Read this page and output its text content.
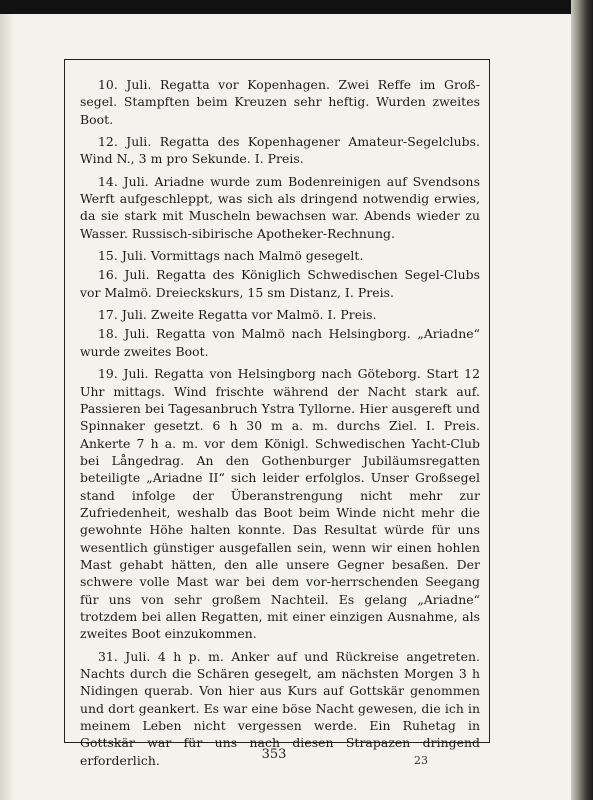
10. Juli. Regatta vor Kopenhagen. Zwei Reffe im Groß-segel. Stampften beim Kreuzen sehr heftig. Wurden zweites Boot.

12. Juli. Regatta des Kopenhagener Amateur-Segelclubs. Wind N., 3 m pro Sekunde. I. Preis.

14. Juli. Ariadne wurde zum Bodenreinigen auf Svendsons Werft aufgeschleppt, was sich als dringend notwendig erwies, da sie stark mit Muscheln bewachsen war. Abends wieder zu Wasser. Russisch-sibirische Apotheker-Rechnung.

15. Juli. Vormittags nach Malmö gesegelt.

16. Juli. Regatta des Königlich Schwedischen Segel-Clubs vor Malmö. Dreieckskurs, 15 sm Distanz, I. Preis.

17. Juli. Zweite Regatta vor Malmö. I. Preis.

18. Juli. Regatta von Malmö nach Helsingborg. „Ariadne“ wurde zweites Boot.

19. Juli. Regatta von Helsingborg nach Göteborg. Start 12 Uhr mittags. Wind frischte während der Nacht stark auf. Passieren bei Tagesanbruch Ystra Tyllorne. Hier ausgereft und Spinnaker gesetzt. 6 h 30 m a. m. durchs Ziel. I. Preis. Ankerte 7 h a. m. vor dem Königl. Schwedischen Yacht-Club bei Långedrag. An den Gothenburger Jubiläumsregatten beteiligte „Ariadne II“ sich leider erfolglos. Unser Großsegel stand infolge der Überanstrengung nicht mehr zur Zufriedenheit, weshalb das Boot beim Winde nicht mehr die gewohnte Höhe halten konnte. Das Resultat würde für uns wesentlich günstiger ausgefallen sein, wenn wir einen hohlen Mast gehabt hätten, den alle unsere Gegner besaßen. Der schwere volle Mast war bei dem vor-herrschenden Seegang für uns von sehr großem Nachteil. Es gelang „Ariadne“ trotzdem bei allen Regatten, mit einer einzigen Ausnahme, als zweites Boot einzukommen.

31. Juli. 4 h p. m. Anker auf und Rückreise angetreten. Nachts durch die Schären gesegelt, am nächsten Morgen 3 h Nidingen querab. Von hier aus Kurs auf Gottskär genommen und dort geankert. Es war eine böse Nacht gewesen, die ich in meinem Leben nicht vergessen werde. Ein Ruhetag in Gottskär war für uns nach diesen Strapazen dringend erforderlich.	353	23
